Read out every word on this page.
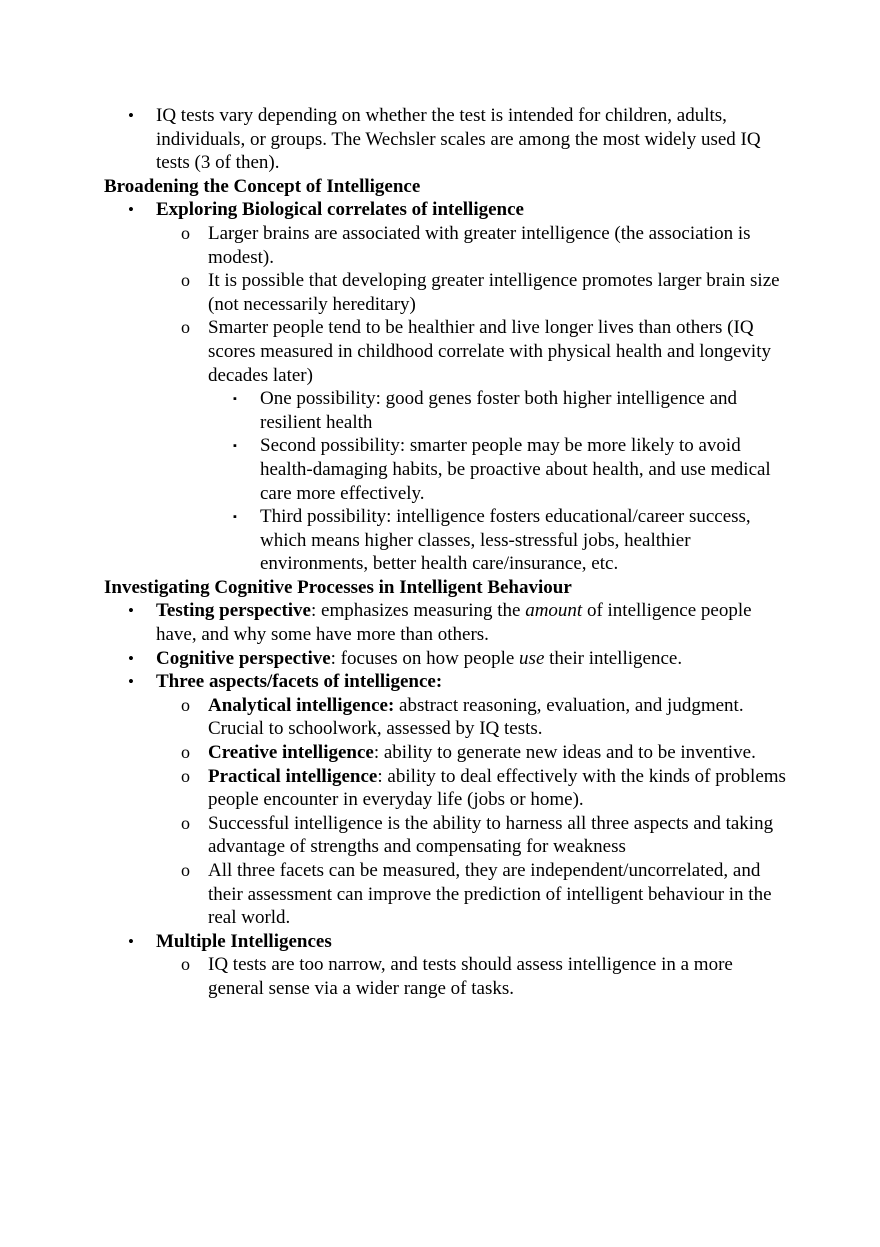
• IQ tests vary depending on whether the test is intended for children, adults, individuals, or groups. The Wechsler scales are among the most widely used IQ tests (3 of then).
Broadening the Concept of Intelligence
• Exploring Biological correlates of intelligence
o Larger brains are associated with greater intelligence (the association is modest).
o It is possible that developing greater intelligence promotes larger brain size (not necessarily hereditary)
o Smarter people tend to be healthier and live longer lives than others (IQ scores measured in childhood correlate with physical health and longevity decades later)
▪ One possibility: good genes foster both higher intelligence and resilient health
▪ Second possibility: smarter people may be more likely to avoid health-damaging habits, be proactive about health, and use medical care more effectively.
▪ Third possibility: intelligence fosters educational/career success, which means higher classes, less-stressful jobs, healthier environments, better health care/insurance, etc.
Investigating Cognitive Processes in Intelligent Behaviour
• Testing perspective: emphasizes measuring the amount of intelligence people have, and why some have more than others.
• Cognitive perspective: focuses on how people use their intelligence.
• Three aspects/facets of intelligence:
o Analytical intelligence: abstract reasoning, evaluation, and judgment. Crucial to schoolwork, assessed by IQ tests.
o Creative intelligence: ability to generate new ideas and to be inventive.
o Practical intelligence: ability to deal effectively with the kinds of problems people encounter in everyday life (jobs or home).
o Successful intelligence is the ability to harness all three aspects and taking advantage of strengths and compensating for weakness
o All three facets can be measured, they are independent/uncorrelated, and their assessment can improve the prediction of intelligent behaviour in the real world.
• Multiple Intelligences
o IQ tests are too narrow, and tests should assess intelligence in a more general sense via a wider range of tasks.
